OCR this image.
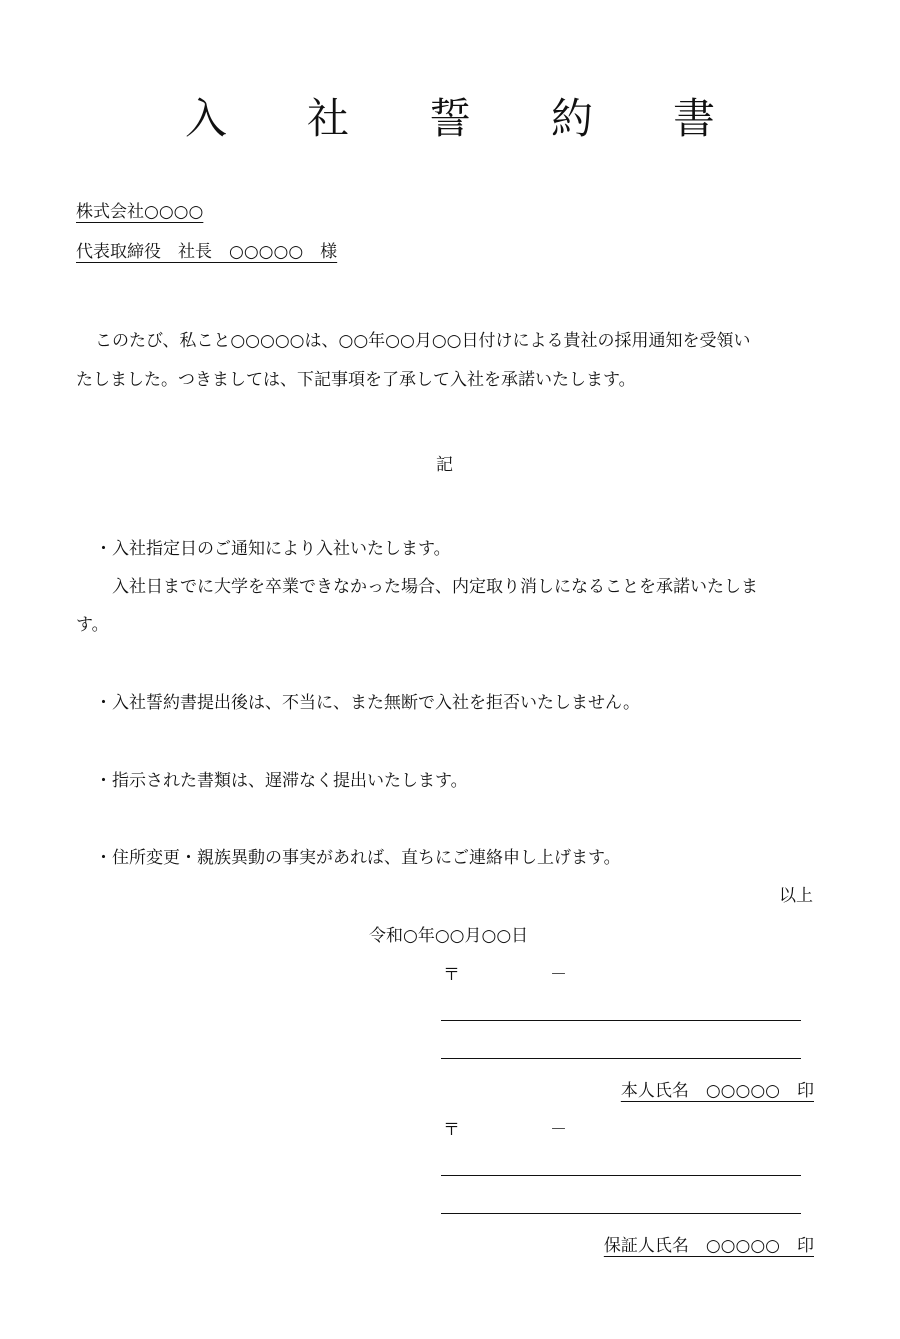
入社誓約書
株式会社○○○○
代表取締役　社長　○○○○○　様
このたび、私こと○○○○○は、○○年○○月○○日付けによる貴社の採用通知を受領い
たしました。つきましては、下記事項を了承して入社を承諾いたします。
記
・入社指定日のご通知により入社いたします。
入社日までに大学を卒業できなかった場合、内定取り消しになることを承諾いたしま
す。
・入社誓約書提出後は、不当に、また無断で入社を拒否いたしません。
・指示された書類は、遅滞なく提出いたします。
・住所変更・親族異動の事実があれば、直ちにご連絡申し上げます。
以上
令和○年○○月○○日
〒	－
本人氏名　○○○○○　印
〒	－
保証人氏名　○○○○○　印
